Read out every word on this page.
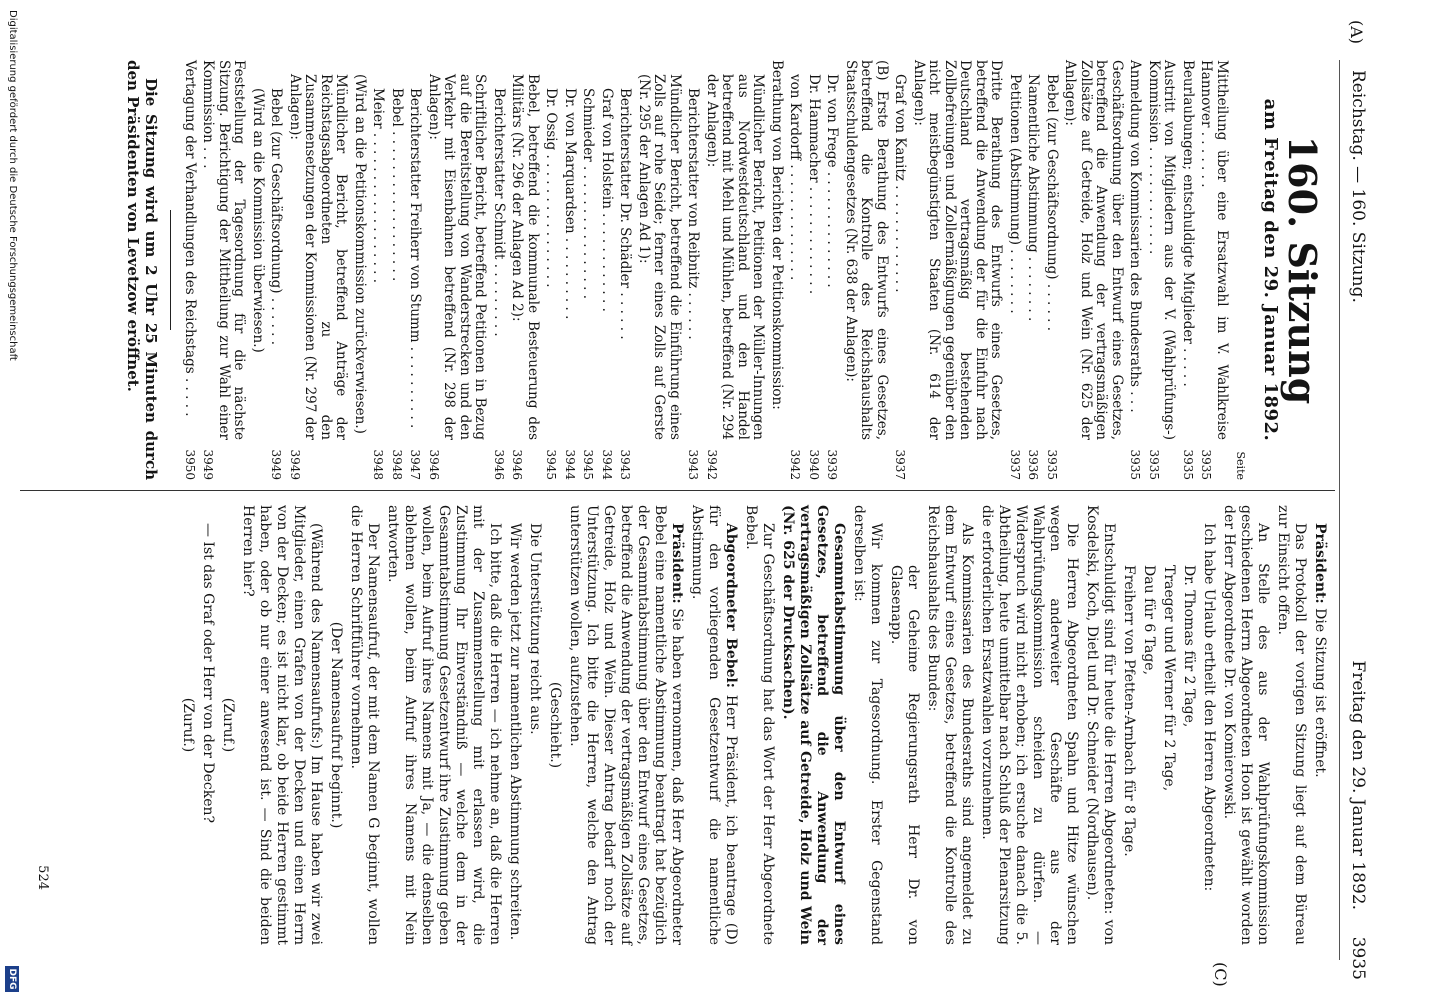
Reichstag. — 160. Sitzung.
Freitag den 29. Januar 1892.
3935
(A)
(C)
160. Sitzung
am Freitag den 29. Januar 1892.
Seite
Mittheilung über eine Ersatzwahl im V. Wahlkreise Hannover . . . . . . .
3935
Beurlaubungen; entschuldigte Mitglieder . . . . .
3935
Austritt von Mitgliedern aus der V. (Wahlprüfungs-) Kommission . . . . . . . . . . . . .
3935
Anmeldung von Kommissarien des Bundesraths . . .
3935
Geschäftsordnung über den Entwurf eines Gesetzes, betreffend die Anwendung der vertragsmäßigen Zollsätze auf Getreide, Holz und Wein (Nr. 625 der Anlagen):
Bebel (zur Geschäftsordnung) . . . . . .
3935
Namentliche Abstimmung . . . . . . . .
3936
Petitionen (Abstimmung) . . . . . . . .
3937
Dritte Berathung des Entwurfs eines Gesetzes, betreffend die Anwendung der für die Einfuhr nach Deutschland vertragsmäßig bestehenden Zollbefreiungen und Zollermäßigungen gegenüber den nicht meistbegünstigten Staaten (Nr. 614 der Anlagen):
Graf von Kanitz . . . . . . . . . . . . .
3937
(B) Erste Berathung des Entwurfs eines Gesetzes, betreffend die Kontrolle des Reichshaushalts Staatsschuldengesetzes (Nr. 638 der Anlagen):
Dr. von Frege . . . . . . . . . . . . . .
3939
Dr. Hammacher . . . . . . . . . . . . .
3940
von Kardorff . . . . . . . . . . . . . .
3942
Berathung von Berichten der Petitionskommission:
Mündlicher Bericht, Petitionen der Müller-Innungen aus Nordwestdeutschland und den Handel betreffend mit Mehl und Mühlen, betreffend (Nr. 294 der Anlagen):
3942
Berichterstatter von Reibnitz . . . . . .
3943
Mündlicher Bericht, betreffend die Einführung eines Zolls auf rohe Seide; ferner eines Zolls auf Gerste (Nr. 295 der Anlagen Ad 1):
Berichterstatter Dr. Schädler . . . . . .
3943
Graf von Holstein . . . . . . . . . . . .
3944
Schmieder . . . . . . . . . . . . . . . .
3945
Dr. von Marquardsen . . . . . . . . . .
3944
Dr. Ossig . . . . . . . . . . . . . . . .
3945
Bebel, betreffend die kommunale Besteuerung des Militärs (Nr. 296 der Anlagen Ad 2):
3946
Berichterstatter Schmidt . . . . . . . . .
3946
Schriftlicher Bericht, betreffend Petitionen in Bezug auf die Bereitstellung von Wanderstrecken und den Verkehr mit Eisenbahnen betreffend (Nr. 298 der Anlagen):
3946
Berichterstatter Freiherr von Stumm . . . . . . . . . .
3947
Bebel . . . . . . . . . . . . . . . . . .
3948
Meier . . . . . . . . . . . . . . . . . .
3948
(Wird an die Petitionskommission zurückverwiesen.)
Mündlicher Bericht, betreffend Anträge der Reichstagsabgeordneten zu den Zusammensetzungen der Kommissionen (Nr. 297 der Anlagen):
3949
Bebel (zur Geschäftsordnung) . . . . . .
3949
(Wird an die Kommission überwiesen.)
Feststellung der Tagesordnung für die nächste Sitzung. Berichtigung der Mittheilung zur Wahl einer Kommission . . .
3949
Vertagung der Verhandlungen des Reichstags . . . . .
3950

Die Sitzung wird um 2 Uhr 25 Minuten durch den Präsidenten von Levetzow eröffnet.

Präsident: Die Sitzung ist eröffnet.

Das Protokoll der vorigen Sitzung liegt auf dem Büreau zur Einsicht offen.

An Stelle des aus der Wahlprüfungskommission geschiedenen Herrn Abgeordneten Hoon ist gewählt worden der Herr Abgeordnete Dr. von Komierowski.

Ich habe Urlaub ertheilt den Herren Abgeordneten:

Dr. Thomas für 2 Tage,

Traeger und Werner für 2 Tage,

Dau für 6 Tage,

Freiherr von Pfetten-Arnbach für 8 Tage.

Entschuldigt sind für heute die Herren Abgeordneten: von Kosdelski, Koch, Dietl und Dr. Schneider (Nordhausen).

Die Herren Abgeordneten Spahn und Hitze wünschen wegen anderweiter Geschäfte aus der Wahlprüfungskommission scheiden zu dürfen. — Widerspruch wird nicht erhoben; ich ersuche danach die 5. Abtheilung, heute unmittelbar nach Schluß der Plenarsitzung die erforderlichen Ersatzwahlen vorzunehmen.

Als Kommissarien des Bundesraths sind angemeldet zu dem Entwurf eines Gesetzes, betreffend die Kontrolle des Reichshaushalts des Bundes:

der Geheime Regierungsrath Herr Dr. von Glasenapp.

Wir kommen zur Tagesordnung. Erster Gegenstand derselben ist:

Gesammtabstimmung über den Entwurf eines Gesetzes, betreffend die Anwendung der vertragsmäßigen Zollsätze auf Getreide, Holz und Wein (Nr. 625 der Drucksachen).

Zur Geschäftsordnung hat das Wort der Herr Abgeordnete Bebel.

Abgeordneter Bebel: Herr Präsident, ich beantrage (D) für den vorliegenden Gesetzentwurf die namentliche Abstimmung.

Präsident: Sie haben vernommen, daß Herr Abgeordneter Bebel eine namentliche Abstimmung beantragt hat bezüglich der Gesammtabstimmung über den Entwurf eines Gesetzes, betreffend die Anwendung der vertragsmäßigen Zollsätze auf Getreide, Holz und Wein. Dieser Antrag bedarf noch der Unterstützung. Ich bitte die Herren, welche den Antrag unterstützen wollen, aufzustehen.

(Geschieht.)

Die Unterstützung reicht aus.

Wir werden jetzt zur namentlichen Abstimmung schreiten.

Ich bitte, daß die Herren — ich nehme an, daß die Herren mit der Zusammenstellung mit erlassen wird, die Zustimmung Ihr Einverständniß — welche dem in der Gesammtabstimmung Gesetzentwurf ihre Zustimmung geben wollen, beim Aufruf ihres Namens mit Ja, — die denselben ablehnen wollen, beim Aufruf ihres Namens mit Nein antworten.

Der Namensaufruf, der mit dem Namen G beginnt, wollen die Herren Schriftführer vornehmen.

(Der Namensaufruf beginnt.)

(Während des Namensaufrufs:) Im Hause haben wir zwei Mitglieder, einen Grafen von der Decken und einen Herrn von der Decken; es ist nicht klar, ob beide Herren gestimmt haben, oder ob nur einer anwesend ist. — Sind die beiden Herren hier?

(Zuruf.)

— Ist das Graf oder Herr von der Decken?

(Zuruf.)

524
Digitalisierung gefördert durch die Deutsche Forschungsgemeinschaft
DFG
